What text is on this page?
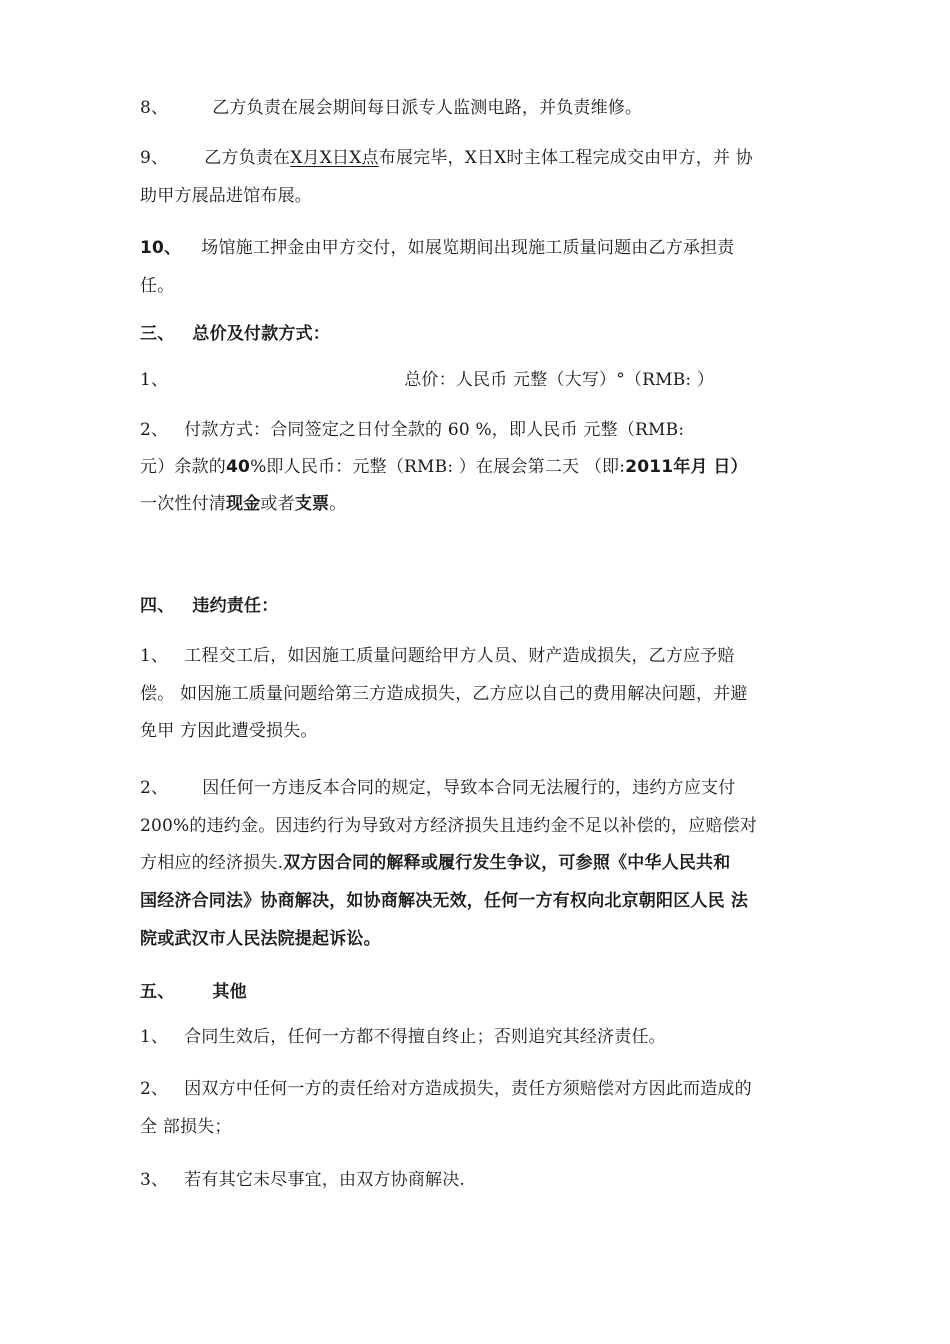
8、	乙方负责在展会期间每日派专人监测电路，并负责维修。
9、 乙方负责在X月X日X点布展完毕，X日X时主体工程完成交由甲方，并 协
助甲方展品进馆布展。
10、 场馆施工押金由甲方交付，如展览期间出现施工质量问题由乙方承担责
任。
三、 总价及付款方式：
1、	总价：人民币 元整（大写）°（RMB: ）
2、 付款方式：合同签定之日付全款的 60 %，即人民币 元整（RMB:
元）余款的40%即人民币：元整（RMB: ）在展会第二天 （即:2011年月 日）
一次性付清现金或者支票。
四、 违约责任：
1、 工程交工后，如因施工质量问题给甲方人员、财产造成损失，乙方应予赔
偿。 如因施工质量问题给第三方造成损失，乙方应以自己的费用解决问题，并避
免甲 方因此遭受损失。
2、 因任何一方违反本合同的规定，导致本合同无法履行的，违约方应支付
200%的违约金。因违约行为导致对方经济损失且违约金不足以补偿的，应赔偿对
方相应的经济损失.双方因合同的解释或履行发生争议，可参照《中华人民共和
国经济合同法》协商解决，如协商解决无效，任何一方有权向北京朝阳区人民 法
院或武汉市人民法院提起诉讼。
五、 其他
1、 合同生效后，任何一方都不得擅自终止；否则追究其经济责任。
2、 因双方中任何一方的责任给对方造成损失，责任方须赔偿对方因此而造成的
全 部损失；
3、 若有其它未尽事宜，由双方协商解决.
